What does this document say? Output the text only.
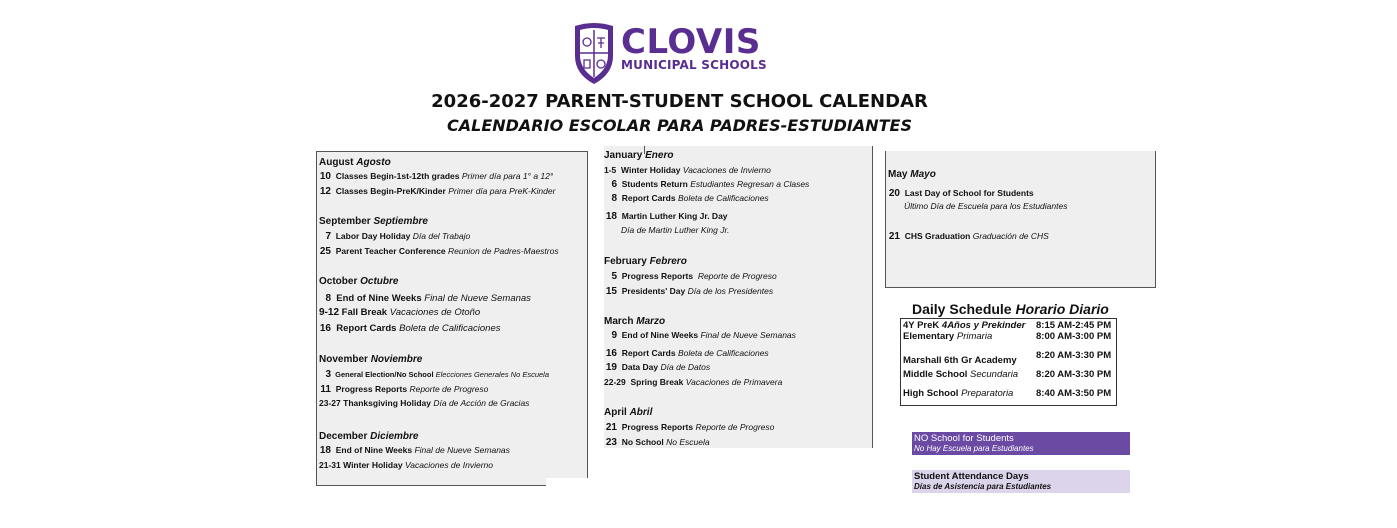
CLOVIS
MUNICIPAL SCHOOLS
2026-2027 PARENT-STUDENT SCHOOL CALENDAR
CALENDARIO ESCOLAR PARA PADRES-ESTUDIANTES
August Agosto
10 Classes Begin-1st-12th grades Primer día para 1° a 12°
12 Classes Begin-PreK/Kinder Primer día para PreK-Kinder
September Septiembre
7 Labor Day Holiday Día del Trabajo
25 Parent Teacher Conference Reunion de Padres-Maestros
October Octubre
8 End of Nine Weeks Final de Nueve Semanas
9-12 Fall Break Vacaciones de Otoño
16 Report Cards Boleta de Calificaciones
November Noviembre
3 General Election/No School Elecciones Generales No Escuela
11 Progress Reports Reporte de Progreso
23-27 Thanksgiving Holiday Día de Acción de Gracias
December Diciembre
18 End of Nine Weeks Final de Nueve Semanas
21-31 Winter Holiday Vacaciones de Invierno
January Enero
1-5 Winter Holiday Vacaciones de Invierno
6 Students Return Estudiantes Regresan a Clases
8 Report Cards Boleta de Calificaciones
18 Martin Luther King Jr. Day
Día de Martin Luther King Jr.
February Febrero
5 Progress Reports Reporte de Progreso
15 Presidents' Day Día de los Presidentes
March Marzo
9 End of Nine Weeks Final de Nueve Semanas
16 Report Cards Boleta de Calificaciones
19 Data Day Día de Datos
22-29 Spring Break Vacaciones de Primavera
April Abril
21 Progress Reports Reporte de Progreso
23 No School No Escuela
May Mayo
20 Last Day of School for Students
Último Día de Escuela para los Estudiantes
21 CHS Graduation Graduación de CHS
Daily Schedule Horario Diario
4Y PreK 4Años y Prekinder 8:15 AM-2:45 PM
Elementary Primaria	8:00 AM-3:00 PM
Marshall 6th Gr Academy 8:20 AM-3:30 PM
Middle School Secundaria 8:20 AM-3:30 PM
High School Preparatoria 8:40 AM-3:50 PM
NO School for Students
No Hay Escuela para Estudiantes
Student Attendance Days
Días de Asistencia para Estudiantes
